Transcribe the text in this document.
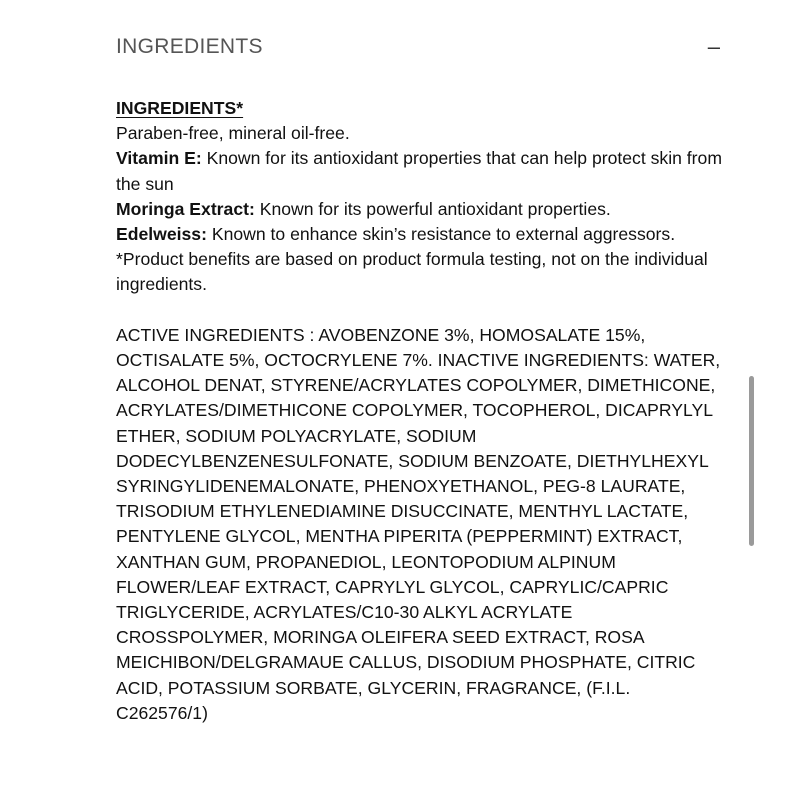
INGREDIENTS	–
INGREDIENTS*
Paraben-free, mineral oil-free.
Vitamin E: Known for its antioxidant properties that can help protect skin from the sun
Moringa Extract: Known for its powerful antioxidant properties.
Edelweiss: Known to enhance skin’s resistance to external aggressors.
*Product benefits are based on product formula testing, not on the individual ingredients.
ACTIVE INGREDIENTS : AVOBENZONE 3%, HOMOSALATE 15%, OCTISALATE 5%, OCTOCRYLENE 7%. INACTIVE INGREDIENTS: WATER, ALCOHOL DENAT, STYRENE/ACRYLATES COPOLYMER, DIMETHICONE, ACRYLATES/DIMETHICONE COPOLYMER, TOCOPHEROL, DICAPRYLYL ETHER, SODIUM POLYACRYLATE, SODIUM DODECYLBENZENESULFONATE, SODIUM BENZOATE, DIETHYLHEXYL SYRINGYLIDENEMALONATE, PHENOXYETHANOL, PEG-8 LAURATE, TRISODIUM ETHYLENEDIAMINE DISUCCINATE, MENTHYL LACTATE, PENTYLENE GLYCOL, MENTHA PIPERITA (PEPPERMINT) EXTRACT, XANTHAN GUM, PROPANEDIOL, LEONTOPODIUM ALPINUM FLOWER/LEAF EXTRACT, CAPRYLYL GLYCOL, CAPRYLIC/CAPRIC TRIGLYCERIDE, ACRYLATES/C10-30 ALKYL ACRYLATE CROSSPOLYMER, MORINGA OLEIFERA SEED EXTRACT, ROSA MEICHIBON/DELGRAMAUE CALLUS, DISODIUM PHOSPHATE, CITRIC ACID, POTASSIUM SORBATE, GLYCERIN, FRAGRANCE, (F.I.L. C262576/1)
